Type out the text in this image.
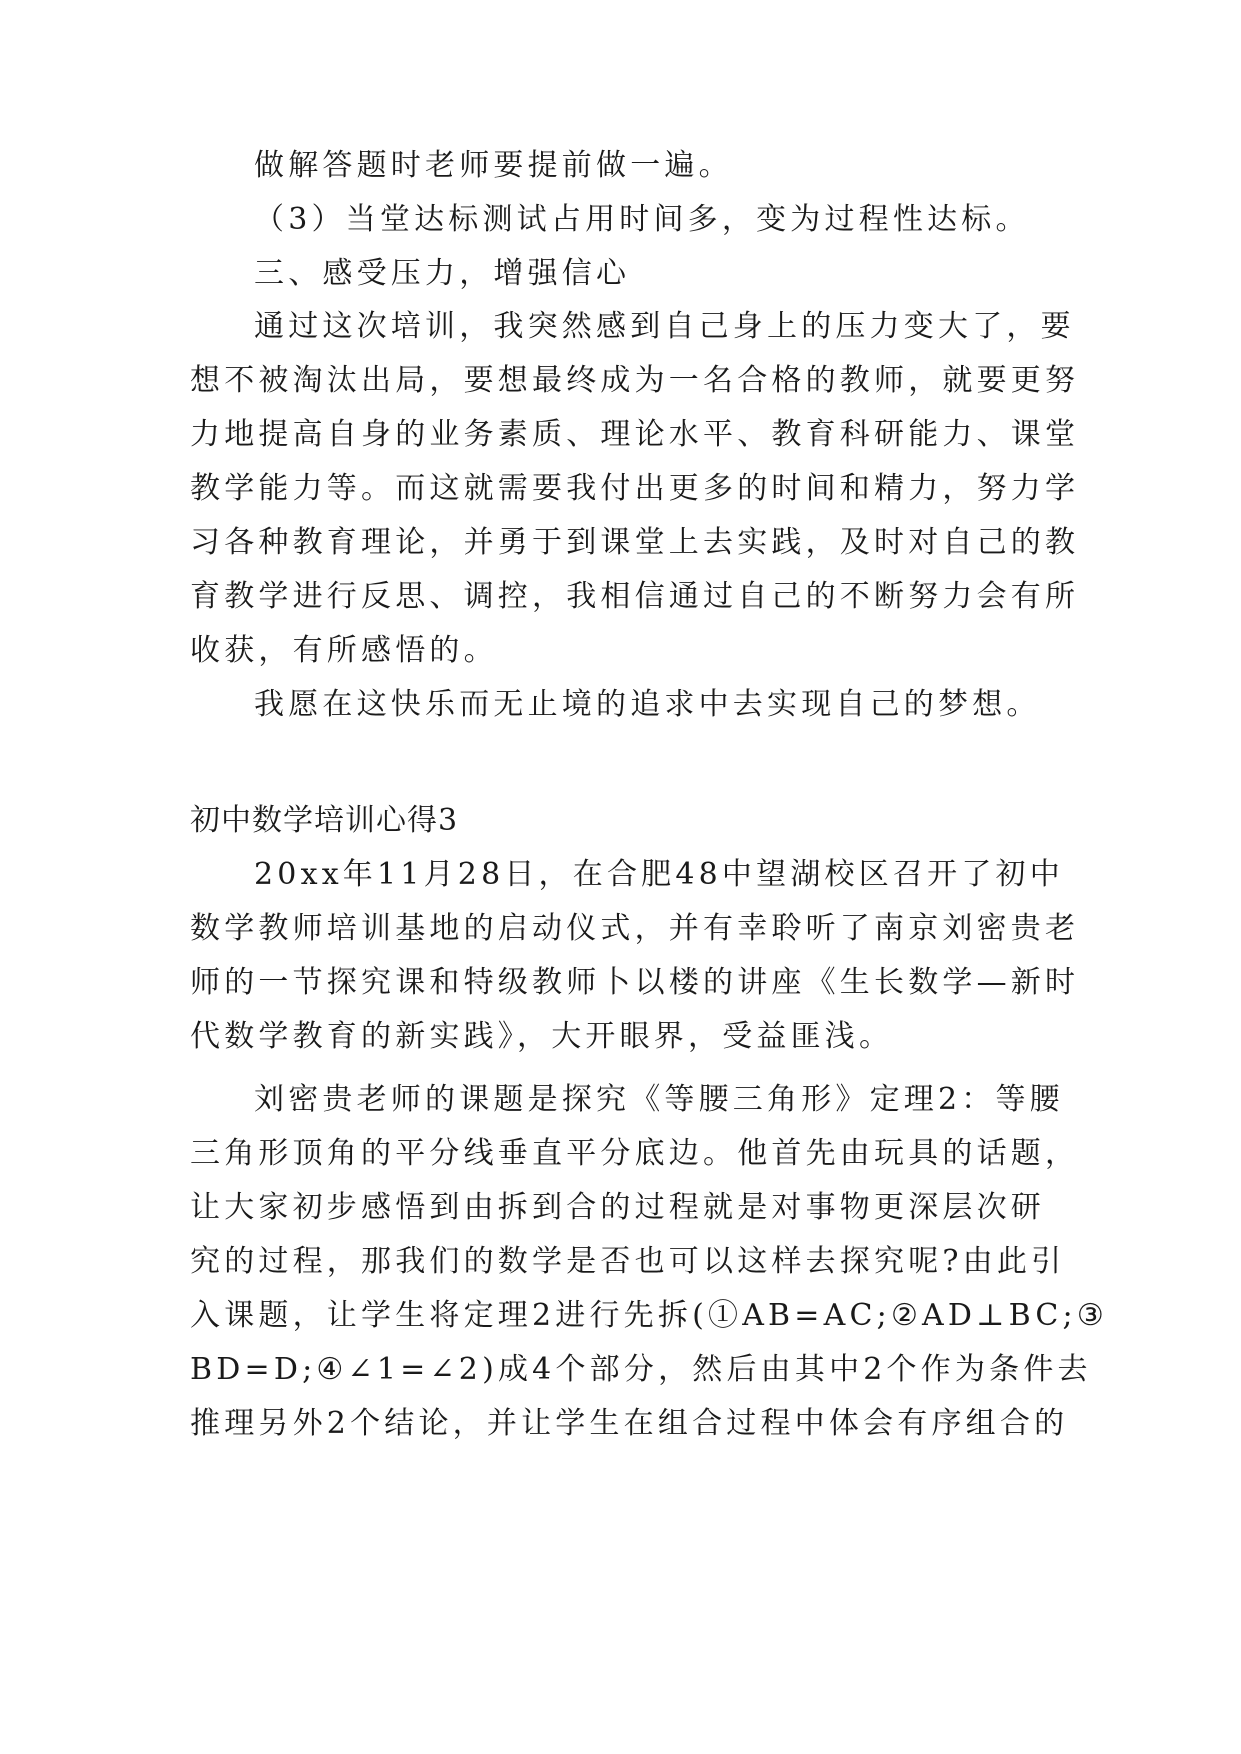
做解答题时老师要提前做一遍。
（3）当堂达标测试占用时间多，变为过程性达标。
三、感受压力，增强信心
通过这次培训，我突然感到自己身上的压力变大了，要
想不被淘汰出局，要想最终成为一名合格的教师，就要更努
力地提高自身的业务素质、理论水平、教育科研能力、课堂
教学能力等。而这就需要我付出更多的时间和精力，努力学
习各种教育理论，并勇于到课堂上去实践，及时对自己的教
育教学进行反思、调控，我相信通过自己的不断努力会有所
收获，有所感悟的。
我愿在这快乐而无止境的追求中去实现自己的梦想。
初中数学培训心得3
20xx年11月28日，在合肥48中望湖校区召开了初中
数学教师培训基地的启动仪式，并有幸聆听了南京刘密贵老
师的一节探究课和特级教师卜以楼的讲座《生长数学—新时
代数学教育的新实践》，大开眼界，受益匪浅。
刘密贵老师的课题是探究《等腰三角形》定理2：等腰
三角形顶角的平分线垂直平分底边。他首先由玩具的话题，
让大家初步感悟到由拆到合的过程就是对事物更深层次研
究的过程，那我们的数学是否也可以这样去探究呢?由此引
入课题，让学生将定理2进行先拆(①AB=AC;②AD⊥BC;③
BD=D;④∠1=∠2)成4个部分，然后由其中2个作为条件去
推理另外2个结论，并让学生在组合过程中体会有序组合的
